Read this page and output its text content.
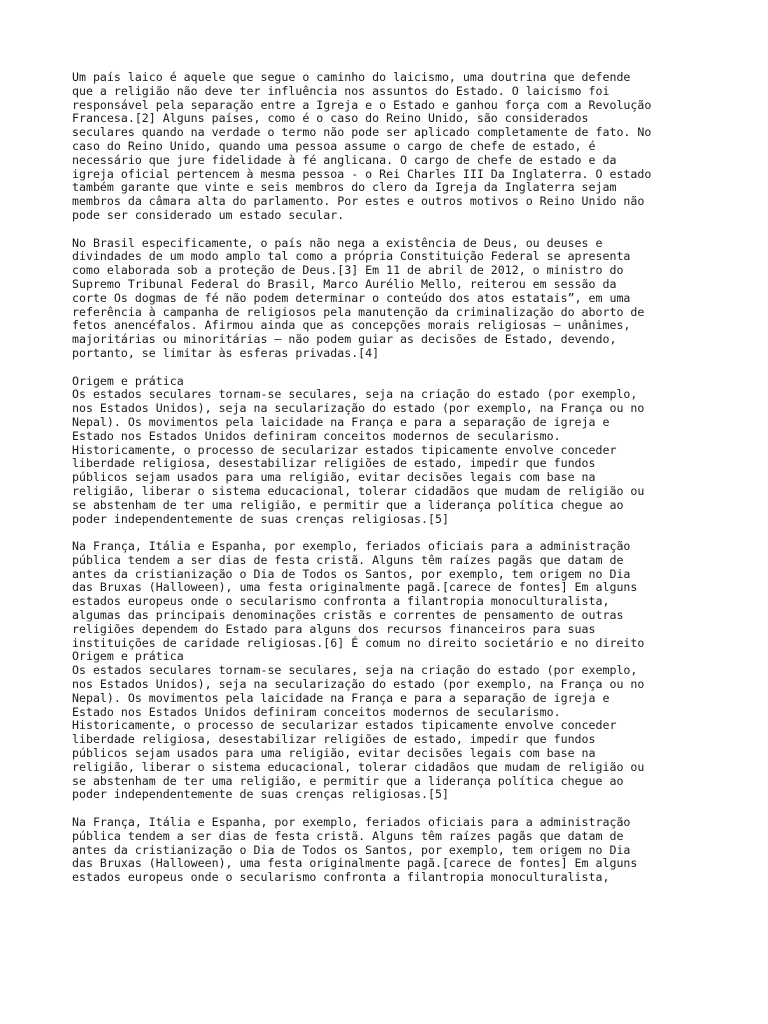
Um país laico é aquele que segue o caminho do laicismo, uma doutrina que defende
que a religião não deve ter influência nos assuntos do Estado. O laicismo foi
responsável pela separação entre a Igreja e o Estado e ganhou força com a Revolução
Francesa.[2] Alguns países, como é o caso do Reino Unido, são considerados
seculares quando na verdade o termo não pode ser aplicado completamente de fato. No
caso do Reino Unido, quando uma pessoa assume o cargo de chefe de estado, é
necessário que jure fidelidade à fé anglicana. O cargo de chefe de estado e da
igreja oficial pertencem à mesma pessoa - o Rei Charles III Da Inglaterra. O estado
também garante que vinte e seis membros do clero da Igreja da Inglaterra sejam
membros da câmara alta do parlamento. Por estes e outros motivos o Reino Unido não
pode ser considerado um estado secular.
No Brasil especificamente, o país não nega a existência de Deus, ou deuses e
divindades de um modo amplo tal como a própria Constituição Federal se apresenta
como elaborada sob a proteção de Deus.[3] Em 11 de abril de 2012, o ministro do
Supremo Tribunal Federal do Brasil, Marco Aurélio Mello, reiterou em sessão da
corte Os dogmas de fé não podem determinar o conteúdo dos atos estatais”, em uma
referência à campanha de religiosos pela manutenção da criminalização do aborto de
fetos anencéfalos. Afirmou ainda que as concepções morais religiosas — unânimes,
majoritárias ou minoritárias — não podem guiar as decisões de Estado, devendo,
portanto, se limitar às esferas privadas.[4]
Origem e prática
Os estados seculares tornam-se seculares, seja na criação do estado (por exemplo,
nos Estados Unidos), seja na secularização do estado (por exemplo, na França ou no
Nepal). Os movimentos pela laicidade na França e para a separação de igreja e
Estado nos Estados Unidos definiram conceitos modernos de secularismo.
Historicamente, o processo de secularizar estados tipicamente envolve conceder
liberdade religiosa, desestabilizar religiões de estado, impedir que fundos
públicos sejam usados para uma religião, evitar decisões legais com base na
religião, liberar o sistema educacional, tolerar cidadãos que mudam de religião ou
se abstenham de ter uma religião, e permitir que a liderança política chegue ao
poder independentemente de suas crenças religiosas.[5]
Na França, Itália e Espanha, por exemplo, feriados oficiais para a administração
pública tendem a ser dias de festa cristã. Alguns têm raízes pagãs que datam de
antes da cristianização o Dia de Todos os Santos, por exemplo, tem origem no Dia
das Bruxas (Halloween), uma festa originalmente pagã.[carece de fontes] Em alguns
estados europeus onde o secularismo confronta a filantropia monoculturalista,
algumas das principais denominações cristãs e correntes de pensamento de outras
religiões dependem do Estado para alguns dos recursos financeiros para suas
instituições de caridade religiosas.[6] É comum no direito societário e no direito
Origem e prática
Os estados seculares tornam-se seculares, seja na criação do estado (por exemplo,
nos Estados Unidos), seja na secularização do estado (por exemplo, na França ou no
Nepal). Os movimentos pela laicidade na França e para a separação de igreja e
Estado nos Estados Unidos definiram conceitos modernos de secularismo.
Historicamente, o processo de secularizar estados tipicamente envolve conceder
liberdade religiosa, desestabilizar religiões de estado, impedir que fundos
públicos sejam usados para uma religião, evitar decisões legais com base na
religião, liberar o sistema educacional, tolerar cidadãos que mudam de religião ou
se abstenham de ter uma religião, e permitir que a liderança política chegue ao
poder independentemente de suas crenças religiosas.[5]
Na França, Itália e Espanha, por exemplo, feriados oficiais para a administração
pública tendem a ser dias de festa cristã. Alguns têm raízes pagãs que datam de
antes da cristianização o Dia de Todos os Santos, por exemplo, tem origem no Dia
das Bruxas (Halloween), uma festa originalmente pagã.[carece de fontes] Em alguns
estados europeus onde o secularismo confronta a filantropia monoculturalista,
